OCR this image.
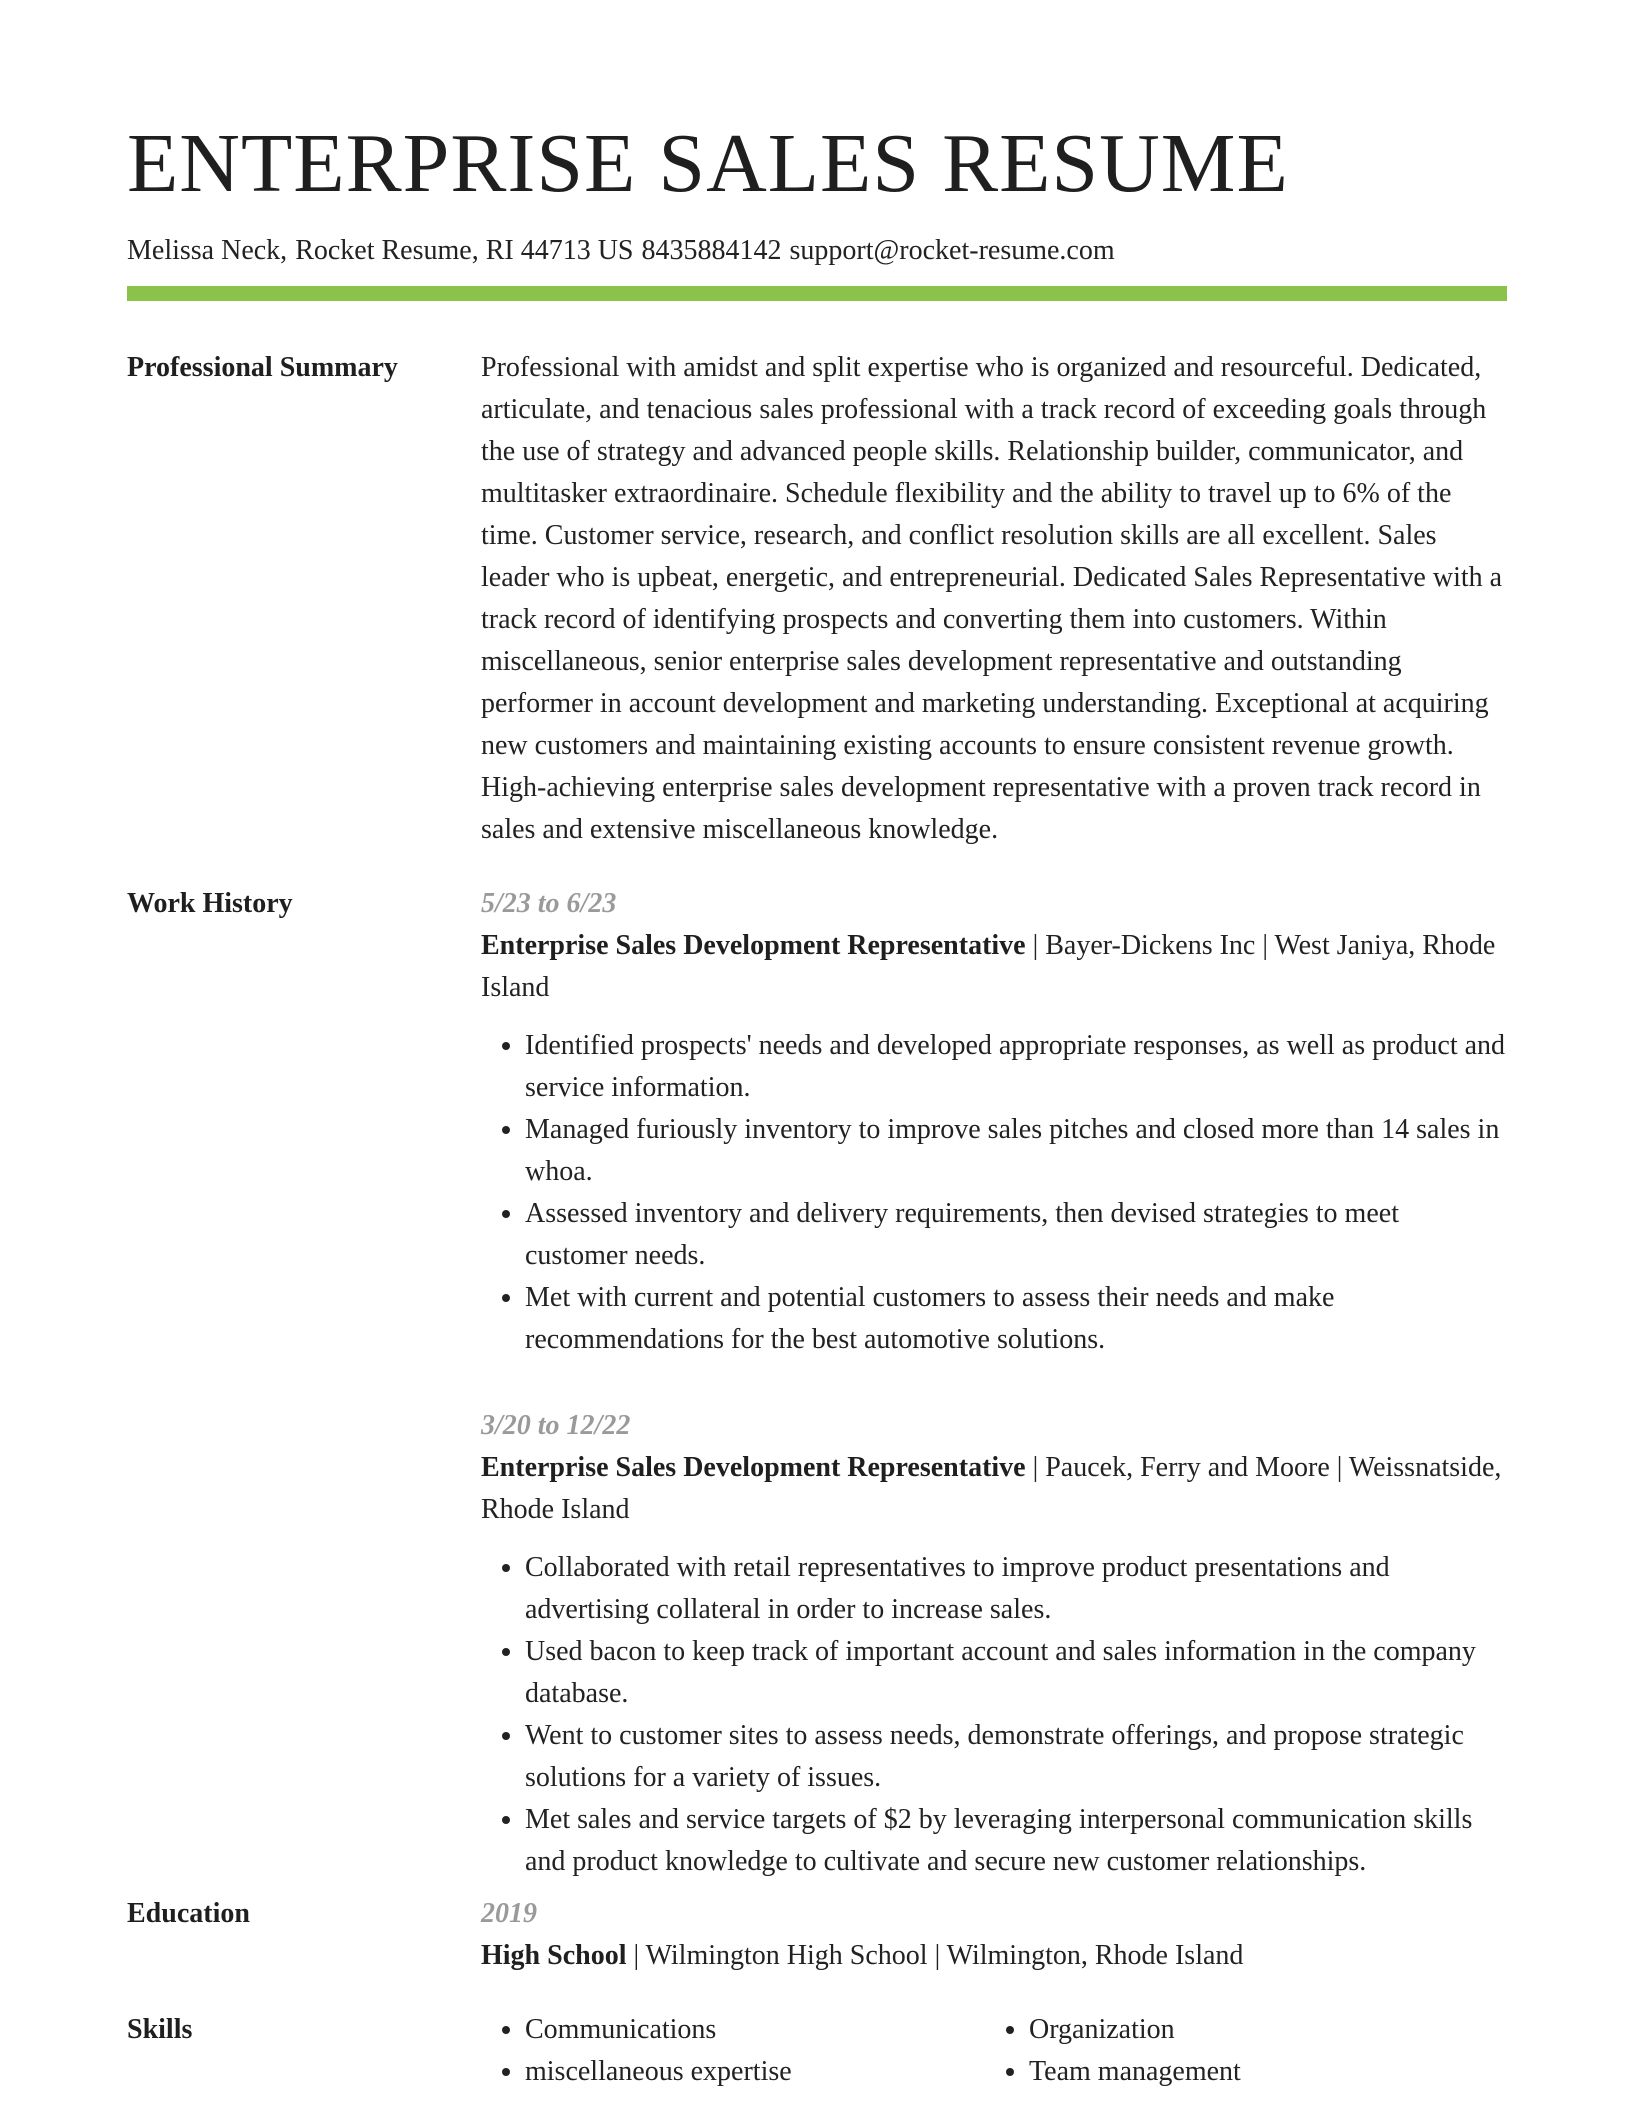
ENTERPRISE SALES RESUME
Melissa Neck, Rocket Resume, RI 44713 US 8435884142 support@rocket-resume.com
Professional Summary	Professional with amidst and split expertise who is organized and resourceful. Dedicated, articulate, and tenacious sales professional with a track record of exceeding goals through the use of strategy and advanced people skills. Relationship builder, communicator, and multitasker extraordinaire. Schedule flexibility and the ability to travel up to 6% of the time. Customer service, research, and conflict resolution skills are all excellent. Sales leader who is upbeat, energetic, and entrepreneurial. Dedicated Sales Representative with a track record of identifying prospects and converting them into customers. Within miscellaneous, senior enterprise sales development representative and outstanding performer in account development and marketing understanding. Exceptional at acquiring new customers and maintaining existing accounts to ensure consistent revenue growth. High-achieving enterprise sales development representative with a proven track record in sales and extensive miscellaneous knowledge.

Work History	5/23 to 6/23

Enterprise Sales Development Representative | Bayer-Dickens Inc | West Janiya, Rhode Island

• Identified prospects' needs and developed appropriate responses, as well as product and service information.
• Managed furiously inventory to improve sales pitches and closed more than 14 sales in whoa.
• Assessed inventory and delivery requirements, then devised strategies to meet customer needs.
• Met with current and potential customers to assess their needs and make recommendations for the best automotive solutions.
3/20 to 12/22

Enterprise Sales Development Representative | Paucek, Ferry and Moore | Weissnatside, Rhode Island

• Collaborated with retail representatives to improve product presentations and advertising collateral in order to increase sales.
• Used bacon to keep track of important account and sales information in the company database.
• Went to customer sites to assess needs, demonstrate offerings, and propose strategic solutions for a variety of issues.
• Met sales and service targets of $2 by leveraging interpersonal communication skills and product knowledge to cultivate and secure new customer relationships.
Education	2019

High School | Wilmington High School | Wilmington, Rhode Island

Skills
•	Communications
• miscellaneous expertise
• Organization
• Team management
